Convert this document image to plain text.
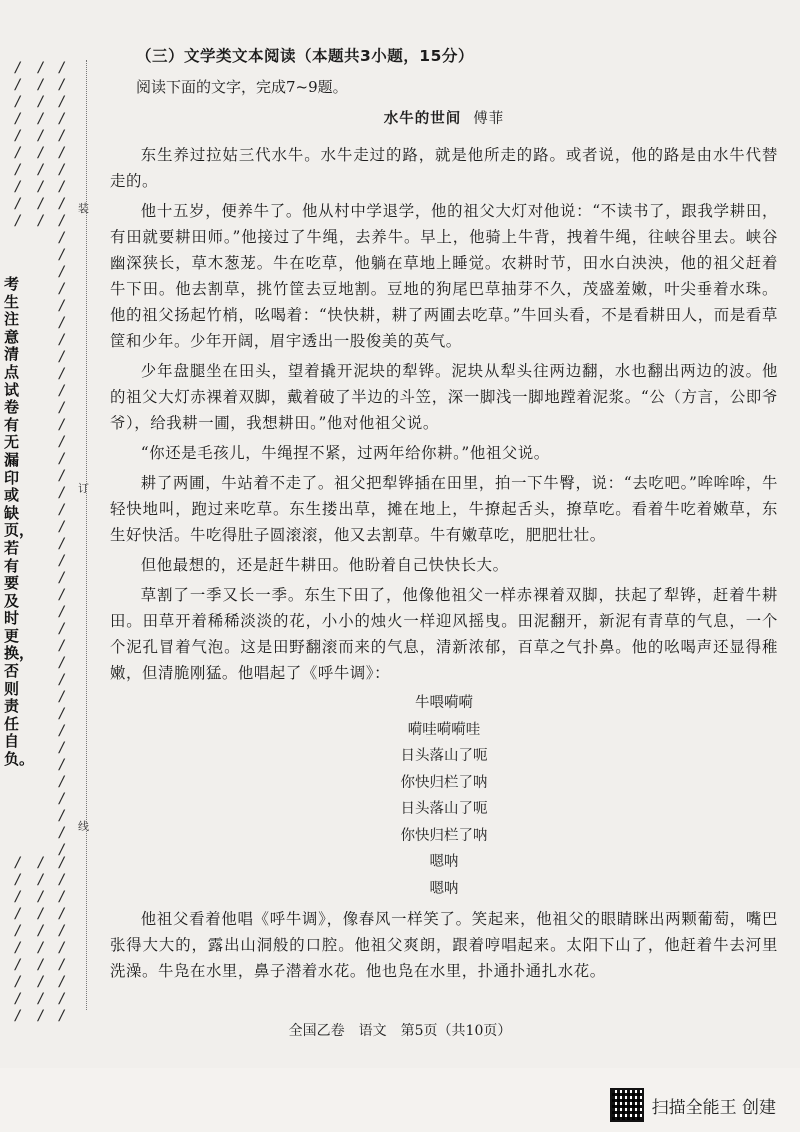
/ /
/ /
/ /
/ /
/ /
/ /
/ /
/ /
/ /
/ /
/
/
/
/
/
/
/
/
/
/
/
/
/
/
/
/
/
/
/
/
/
/
/
/
/
/
/
/
/
/
/
/
/
/
/
/
/
/
/
/
/
/
/
/
/
/
/
考生注意清点试卷有无漏印或缺页，若有要及时更换，否则责任自负。
/ /
/ /
/ /
/ /
/ /
/ /
/ /
/ /
/ /
/ /
/
/
/
/
/
/
/
/
/
/
装
订
线
（三）文学类文本阅读（本题共3小题，15分）
阅读下面的文字，完成7~9题。
水牛的世间 傅菲

东生养过拉姑三代水牛。水牛走过的路，就是他所走的路。或者说，他的路是由水牛代替走的。

他十五岁，便养牛了。他从村中学退学，他的祖父大灯对他说：“不读书了，跟我学耕田，有田就要耕田师。”他接过了牛绳，去养牛。早上，他骑上牛背，拽着牛绳，往峡谷里去。峡谷幽深狭长，草木葱茏。牛在吃草，他躺在草地上睡觉。农耕时节，田水白泱泱，他的祖父赶着牛下田。他去割草，挑竹筐去豆地割。豆地的狗尾巴草抽芽不久，茂盛羞嫩，叶尖垂着水珠。他的祖父扬起竹梢，吆喝着：“快快耕，耕了两圃去吃草。”牛回头看，不是看耕田人，而是看草筐和少年。少年开阔，眉宇透出一股俊美的英气。

少年盘腿坐在田头，望着撬开泥块的犁铧。泥块从犁头往两边翻，水也翻出两边的波。他的祖父大灯赤裸着双脚，戴着破了半边的斗笠，深一脚浅一脚地蹚着泥浆。“公（方言，公即爷爷），给我耕一圃，我想耕田。”他对他祖父说。

“你还是毛孩儿，牛绳捏不紧，过两年给你耕。”他祖父说。

耕了两圃，牛站着不走了。祖父把犁铧插在田里，拍一下牛臀，说：“去吃吧。”哞哞哞，牛轻快地叫，跑过来吃草。东生搂出草，摊在地上，牛撩起舌头，撩草吃。看着牛吃着嫩草，东生好快活。牛吃得肚子圆滚滚，他又去割草。牛有嫩草吃，肥肥壮壮。

但他最想的，还是赶牛耕田。他盼着自己快快长大。

草割了一季又长一季。东生下田了，他像他祖父一样赤裸着双脚，扶起了犁铧，赶着牛耕田。田草开着稀稀淡淡的花，小小的烛火一样迎风摇曳。田泥翻开，新泥有青草的气息，一个个泥孔冒着气泡。这是田野翻滚而来的气息，清新浓郁，百草之气扑鼻。他的吆喝声还显得稚嫩，但清脆刚猛。他唱起了《呼牛调》：

牛喂嗬嗬
嗬哇嗬嗬哇
日头落山了呃
你快归栏了呐
日头落山了呃
你快归栏了呐
嗯呐
嗯呐

他祖父看着他唱《呼牛调》，像春风一样笑了。笑起来，他祖父的眼睛眯出两颗葡萄，嘴巴张得大大的，露出山洞般的口腔。他祖父爽朗，跟着哼唱起来。太阳下山了，他赶着牛去河里洗澡。牛凫在水里，鼻子潜着水花。他也凫在水里，扑通扑通扎水花。

全国乙卷　语文　第5页（共10页）
扫描全能王 创建
